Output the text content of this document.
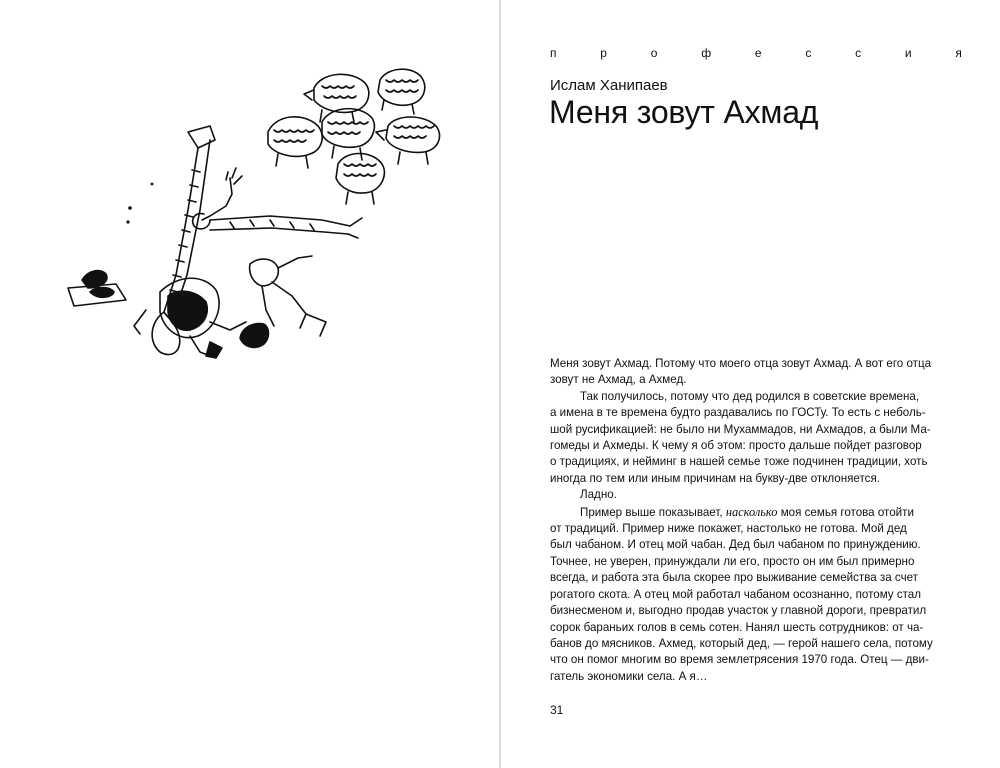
п	р	о	ф	е	с	с	и	я
Ислам Ханипаев
Меня зовут Ахмад

Меня зовут Ахмад. Потому что моего отца зовут Ахмад. А вот его отца
зовут не Ахмад, а Ахмед.

Так получилось, потому что дед родился в советские времена,
а имена в те времена будто раздавались по ГОСТу. То есть с неболь-
шой русификацией: не было ни Мухаммадов, ни Ахмадов, а были Ма-
гомеды и Ахмеды. К чему я об этом: просто дальше пойдет разговор
о традициях, и нейминг в нашей семье тоже подчинен традиции, хоть
иногда по тем или иным причинам на букву-две отклоняется.

Ладно.

Пример выше показывает, насколько моя семья готова отойти
от традиций. Пример ниже покажет, настолько не готова. Мой дед
был чабаном. И отец мой чабан. Дед был чабаном по принуждению.
Точнее, не уверен, принуждали ли его, просто он им был примерно
всегда, и работа эта была скорее про выживание семейства за счет
рогатого скота. А отец мой работал чабаном осознанно, потому стал
бизнесменом и, выгодно продав участок у главной дороги, превратил
сорок бараньих голов в семь сотен. Нанял шесть сотрудников: от ча-
банов до мясников. Ахмед, который дед, — герой нашего села, потому
что он помог многим во время землетрясения 1970 года. Отец — дви-
гатель экономики села. А я…

31
